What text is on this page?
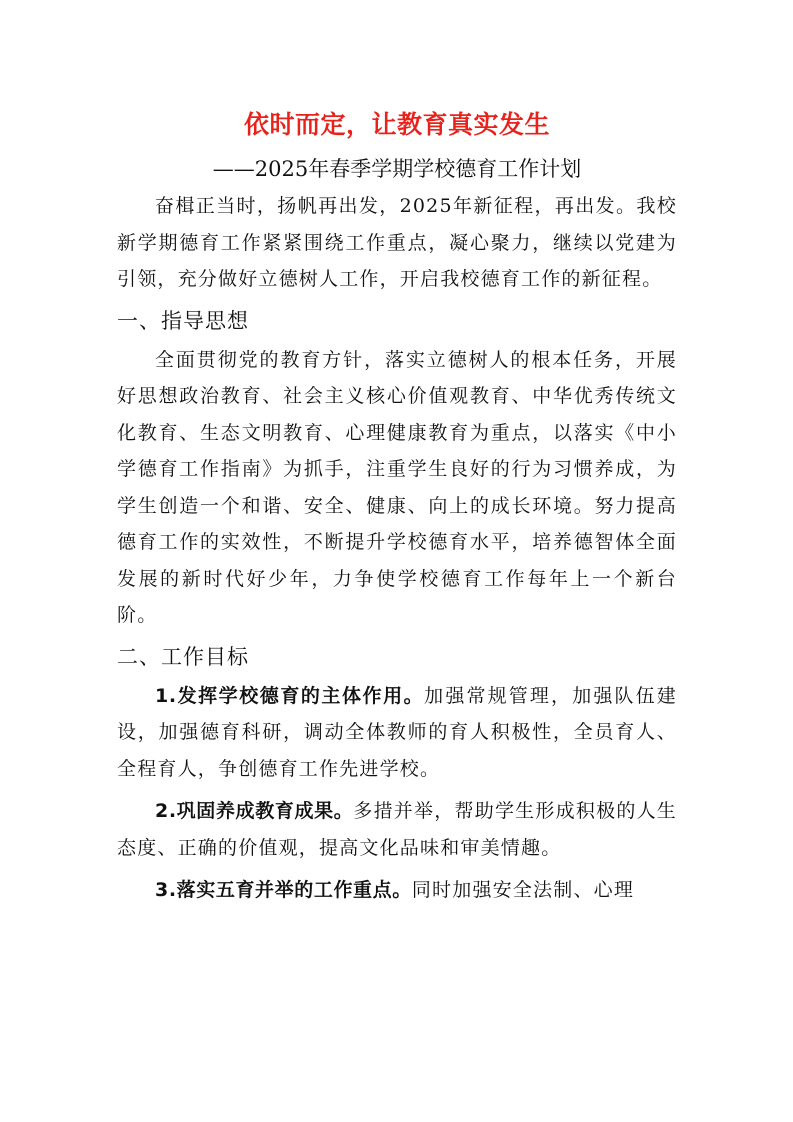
依时而定，让教育真实发生
——2025年春季学期学校德育工作计划

奋楫正当时，扬帆再出发，2025年新征程，再出发。我校新学期德育工作紧紧围绕工作重点，凝心聚力，继续以党建为引领，充分做好立德树人工作，开启我校德育工作的新征程。

一、指导思想

全面贯彻党的教育方针，落实立德树人的根本任务，开展好思想政治教育、社会主义核心价值观教育、中华优秀传统文化教育、生态文明教育、心理健康教育为重点，以落实《中小学德育工作指南》为抓手，注重学生良好的行为习惯养成，为学生创造一个和谐、安全、健康、向上的成长环境。努力提高德育工作的实效性，不断提升学校德育水平，培养德智体全面发展的新时代好少年，力争使学校德育工作每年上一个新台阶。

二、工作目标

1.发挥学校德育的主体作用。加强常规管理，加强队伍建设，加强德育科研，调动全体教师的育人积极性，全员育人、全程育人，争创德育工作先进学校。

2.巩固养成教育成果。多措并举，帮助学生形成积极的人生态度、正确的价值观，提高文化品味和审美情趣。

3.落实五育并举的工作重点。同时加强安全法制、心理
